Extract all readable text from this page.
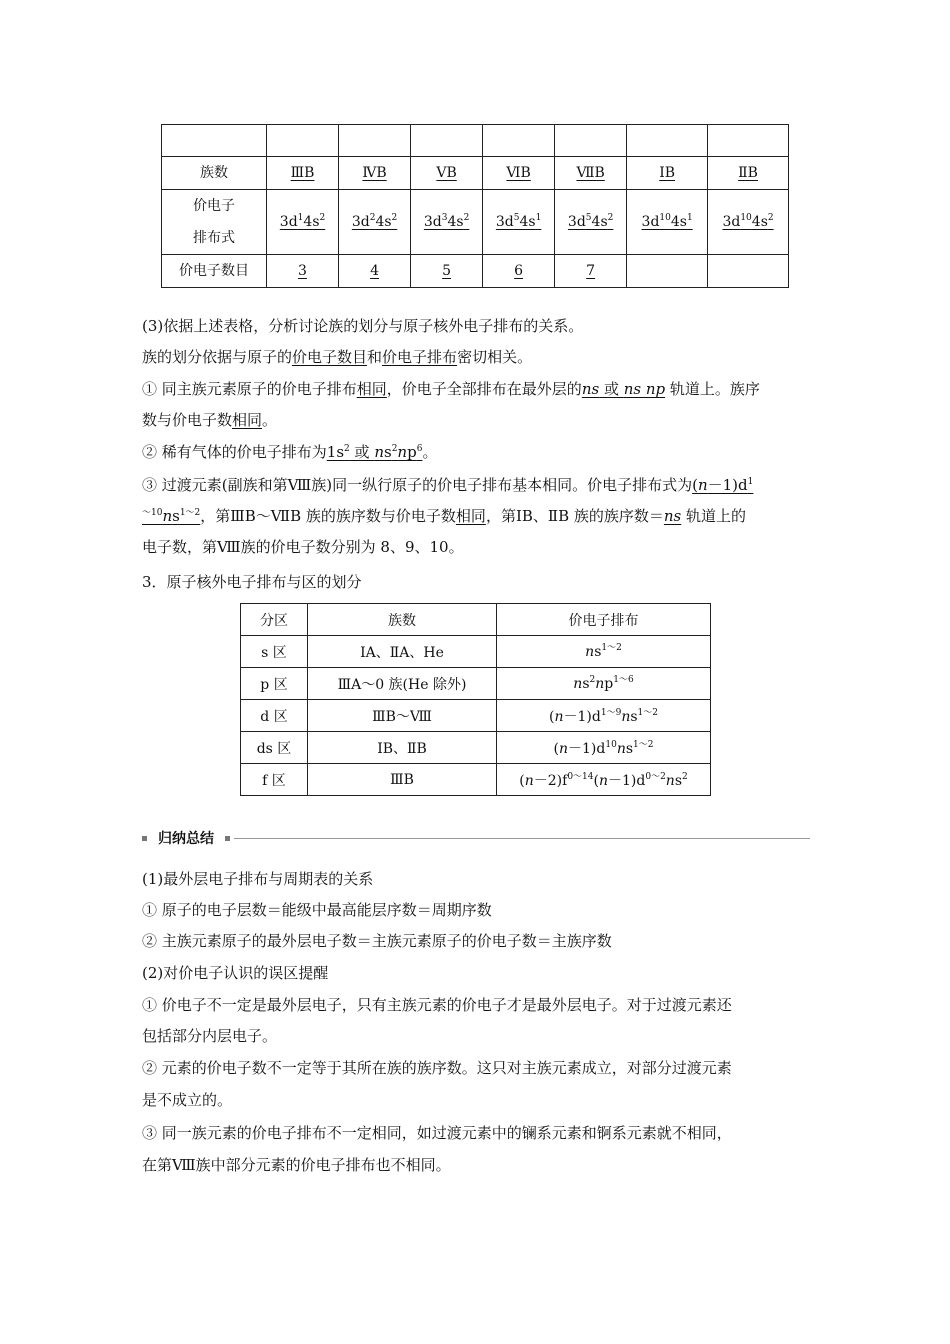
族数	ⅢB	ⅣB	ⅤB	ⅥB	ⅦB	ⅠB	ⅡB
价电子
排布式	$3d^14s^2$	$3d^24s^2$	$3d^34s^2$	$3d^54s^1$	$3d^54s^2$	$3d^{10}4s^1$	$3d^{10}4s^2$
价电子数目	3	4	5	6	7		
(3)依据上述表格，分析讨论族的划分与原子核外电子排布的关系。
族的划分依据与原子的价电子数目和价电子排布密切相关。
① 同主族元素原子的价电子排布相同，价电子全部排布在最外层的ns 或 ns np 轨道上。族序
数与价电子数相同。
② 稀有气体的价电子排布为$1s^2$ 或 $ns^2np^6$。
③ 过渡元素(副族和第Ⅷ族)同一纵行原子的价电子排布基本相同。价电子排布式为$(n-1)d^1$
$^{\sim 10}ns^{1\sim 2}$，第ⅢB～ⅦB 族的族序数与价电子数相同，第ⅠB、ⅡB 族的族序数＝ns 轨道上的
电子数，第Ⅷ族的价电子数分别为 8、9、10。
3．原子核外电子排布与区的划分
分区	族数	价电子排布
s 区	ⅠA、ⅡA、He	$ns^{1\sim 2}$
p 区	ⅢA～0 族(He 除外)	$ns^2np^{1\sim 6}$
d 区	ⅢB～Ⅷ	$(n-1)d^{1\sim 9}ns^{1\sim 2}$
ds 区	ⅠB、ⅡB	$(n-1)d^{10}ns^{1\sim 2}$
f 区	ⅢB	$(n-2)f^{0\sim 14}(n-1)d^{0\sim 2}ns^2$
归纳总结
(1)最外层电子排布与周期表的关系
① 原子的电子层数＝能级中最高能层序数＝周期序数
② 主族元素原子的最外层电子数＝主族元素原子的价电子数＝主族序数
(2)对价电子认识的误区提醒
① 价电子不一定是最外层电子，只有主族元素的价电子才是最外层电子。对于过渡元素还
包括部分内层电子。
② 元素的价电子数不一定等于其所在族的族序数。这只对主族元素成立，对部分过渡元素
是不成立的。
③ 同一族元素的价电子排布不一定相同，如过渡元素中的镧系元素和锕系元素就不相同，
在第Ⅷ族中部分元素的价电子排布也不相同。
